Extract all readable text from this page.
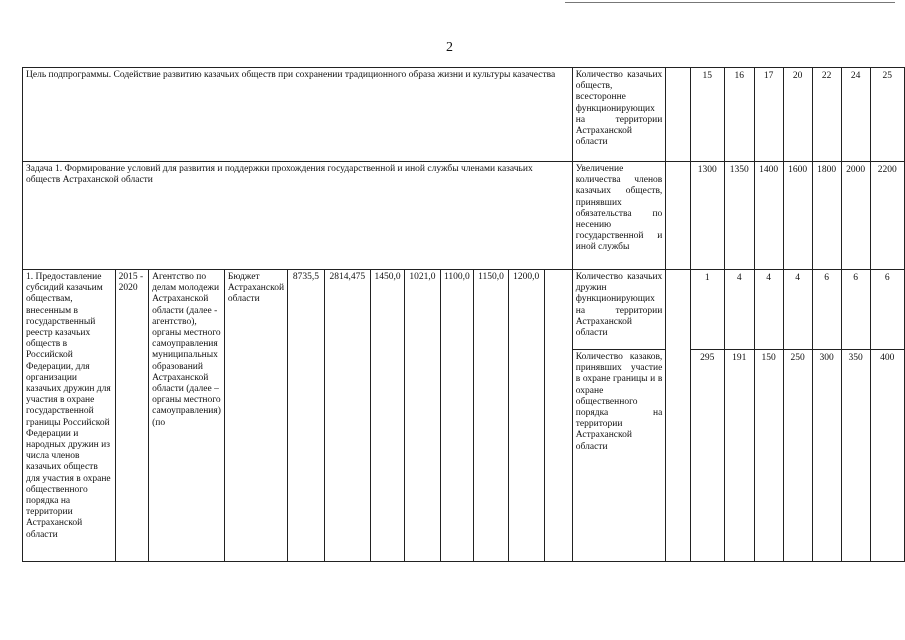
2
Цель подпрограммы. Содействие развитию казачьих обществ при сохранении традиционного образа жизни и культуры казачества												Количество казачьих обществ, всесторонне функционирующих на территории Астраханской области		15	16	17	20	22	24	25
Задача 1. Формирование условий для развития и поддержки прохождения государственной и иной службы членами казачьих обществ Астраханской области												Увеличение количества членов казачьих обществ, принявших обязательства по несению государственной и иной службы		1300	1350	1400	1600	1800	2000	2200
1. Предоставление субсидий казачьим обществам, внесенным в государственный реестр казачьих обществ в Российской Федерации, для организации казачьих дружин для участия в охране государственной границы Российской Федерации и народных дружин из числа членов казачьих обществ для участия в охране общественного порядка на территории Астраханской области	2015 - 2020	Агентство по делам молодежи Астраханской области (далее - агентство), органы местного самоуправления муниципальных образований Астраханской области (далее – органы местного самоуправления) (по	Бюджет Астраханской области	8735,5	2814,475	1450,0	1021,0	1100,0	1150,0	1200,0		Количество казачьих дружин функционирующих на территории Астраханской области		1	4	4	4	6	6	6
												Количество казаков, принявших участие в охране границы и в охране общественного порядка на территории Астраханской области		295	191	150	250	300	350	400
